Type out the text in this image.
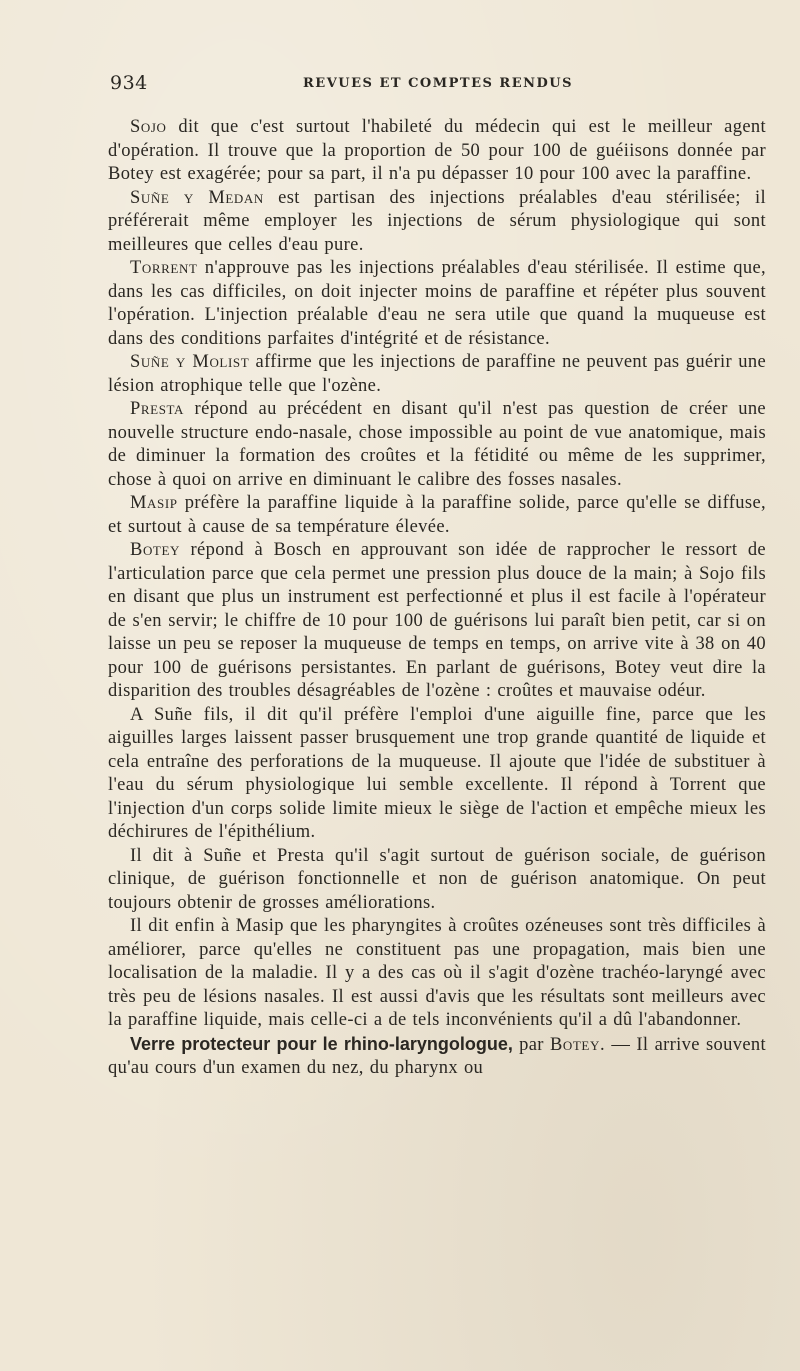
934	REVUES ET COMPTES RENDUS

Sojo dit que c'est surtout l'habileté du médecin qui est le meilleur agent d'opération. Il trouve que la proportion de 50 pour 100 de guéiisons donnée par Botey est exagérée; pour sa part, il n'a pu dépasser 10 pour 100 avec la paraffine.

Suñe y Medan est partisan des injections préalables d'eau stérilisée; il préférerait même employer les injections de sérum physiologique qui sont meilleures que celles d'eau pure.

Torrent n'approuve pas les injections préalables d'eau stérilisée. Il estime que, dans les cas difficiles, on doit injecter moins de paraffine et répéter plus souvent l'opération. L'injection préalable d'eau ne sera utile que quand la muqueuse est dans des conditions parfaites d'intégrité et de résistance.

Suñe y Molist affirme que les injections de paraffine ne peuvent pas guérir une lésion atrophique telle que l'ozène.

Presta répond au précédent en disant qu'il n'est pas question de créer une nouvelle structure endo-nasale, chose impossible au point de vue anatomique, mais de diminuer la formation des croûtes et la fétidité ou même de les supprimer, chose à quoi on arrive en diminuant le calibre des fosses nasales.

Masip préfère la paraffine liquide à la paraffine solide, parce qu'elle se diffuse, et surtout à cause de sa température élevée.

Botey répond à Bosch en approuvant son idée de rapprocher le ressort de l'articulation parce que cela permet une pression plus douce de la main; à Sojo fils en disant que plus un instrument est perfectionné et plus il est facile à l'opérateur de s'en servir; le chiffre de 10 pour 100 de guérisons lui paraît bien petit, car si on laisse un peu se reposer la muqueuse de temps en temps, on arrive vite à 38 on 40 pour 100 de guérisons persistantes. En parlant de guérisons, Botey veut dire la disparition des troubles désagréables de l'ozène : croûtes et mauvaise odéur.

A Suñe fils, il dit qu'il préfère l'emploi d'une aiguille fine, parce que les aiguilles larges laissent passer brusquement une trop grande quantité de liquide et cela entraîne des perforations de la muqueuse. Il ajoute que l'idée de substituer à l'eau du sérum physiologique lui semble excellente. Il répond à Torrent que l'injection d'un corps solide limite mieux le siège de l'action et empêche mieux les déchirures de l'épithélium.

Il dit à Suñe et Presta qu'il s'agit surtout de guérison sociale, de guérison clinique, de guérison fonctionnelle et non de guérison anatomique. On peut toujours obtenir de grosses améliorations.

Il dit enfin à Masip que les pharyngites à croûtes ozéneuses sont très difficiles à améliorer, parce qu'elles ne constituent pas une propagation, mais bien une localisation de la maladie. Il y a des cas où il s'agit d'ozène trachéo-laryngé avec très peu de lésions nasales. Il est aussi d'avis que les résultats sont meilleurs avec la paraffine liquide, mais celle-ci a de tels inconvénients qu'il a dû l'abandonner.

Verre protecteur pour le rhino-laryngologue, par Botey. — Il arrive souvent qu'au cours d'un examen du nez, du pharynx ou
